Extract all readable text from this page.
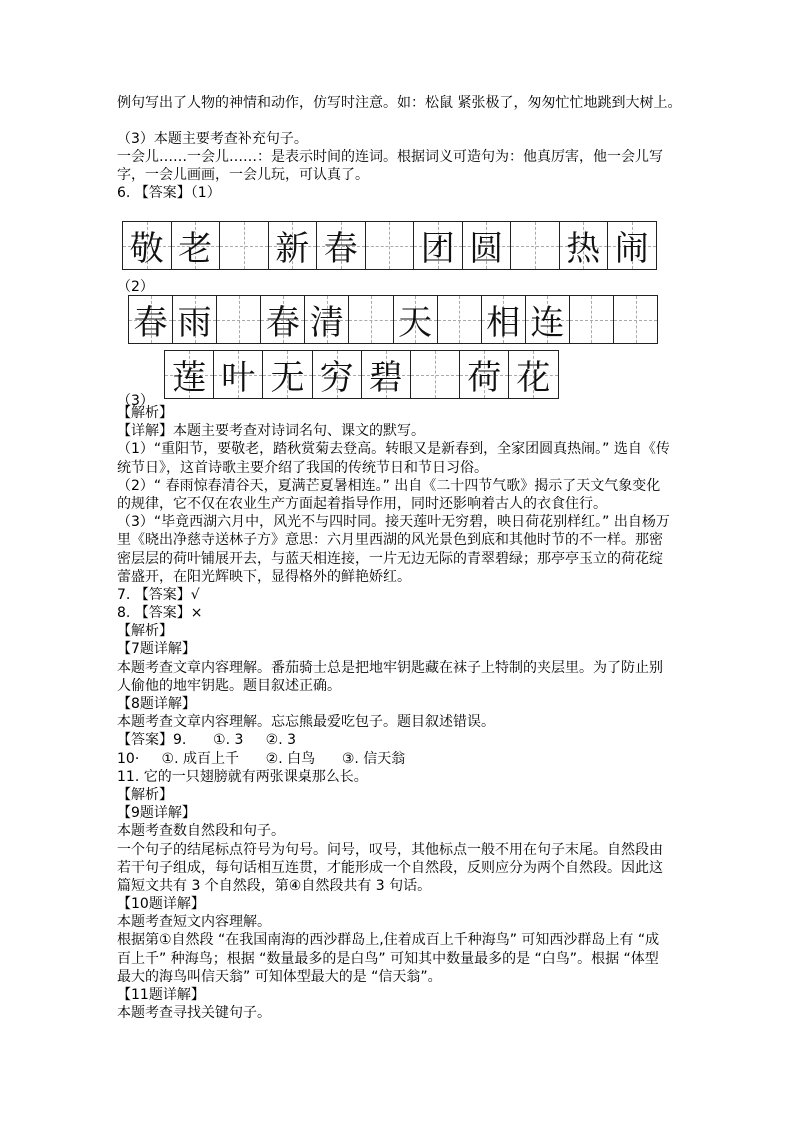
例句写出了人物的神情和动作，仿写时注意。如：松鼠 紧张极了，匆匆忙忙地跳到大树上。
（3）本题主要考查补充句子。
一会儿……一会儿……：是表示时间的连词。根据词义可造句为：他真厉害，他一会儿写
字，一会儿画画，一会儿玩，可认真了。
6. 【答案】（1）
敬 老 新 春 团 圆 热 闹
（2）
春 雨 春 清 天 相 连
莲 叶 无 穷 碧 荷 花
（3）
【解析】
【详解】本题主要考查对诗词名句、课文的默写。
（1）“重阳节，要敬老，踏秋赏菊去登高。转眼又是新春到，全家团圆真热闹。” 选自《传
统节日》，这首诗歌主要介绍了我国的传统节日和节日习俗。
（2）“ 春雨惊春清谷天，夏满芒夏暑相连。” 出自《二十四节气歌》揭示了天文气象变化
的规律，它不仅在农业生产方面起着指导作用，同时还影响着古人的衣食住行。
（3）“毕竟西湖六月中，风光不与四时同。接天莲叶无穷碧，映日荷花别样红。” 出自杨万
里《晓出净慈寺送林子方》意思：六月里西湖的风光景色到底和其他时节的不一样。那密
密层层的荷叶铺展开去，与蓝天相连接，一片无边无际的青翠碧绿；那亭亭玉立的荷花绽
蕾盛开，在阳光辉映下，显得格外的鲜艳娇红。
7. 【答案】√
8. 【答案】×
【解析】
【7题详解】
本题考查文章内容理解。番茄骑士总是把地牢钥匙藏在袜子上特制的夹层里。为了防止别
人偷他的地牢钥匙。题目叙述正确。
【8题详解】
本题考查文章内容理解。忘忘熊最爱吃包子。题目叙述错误。
【答案】9.      ①. 3     ②. 3
10·     ①. 成百上千      ②. 白鸟      ③. 信天翁
11. 它的一只翅膀就有两张课桌那么长。
【解析】
【9题详解】
本题考查数自然段和句子。
一个句子的结尾标点符号为句号。问号，叹号，其他标点一般不用在句子末尾。自然段由
若干句子组成，每句话相互连贯，才能形成一个自然段，反则应分为两个自然段。因此这
篇短文共有 3 个自然段，第④自然段共有 3 句话。
【10题详解】
本题考查短文内容理解。
根据第①自然段 “在我国南海的西沙群岛上,住着成百上千种海鸟” 可知西沙群岛上有 “成
百上千” 种海鸟；根据 “数量最多的是白鸟” 可知其中数量最多的是 “白鸟”。根据 “体型
最大的海鸟叫信天翁” 可知体型最大的是 “信天翁”。
【11题详解】
本题考查寻找关键句子。
